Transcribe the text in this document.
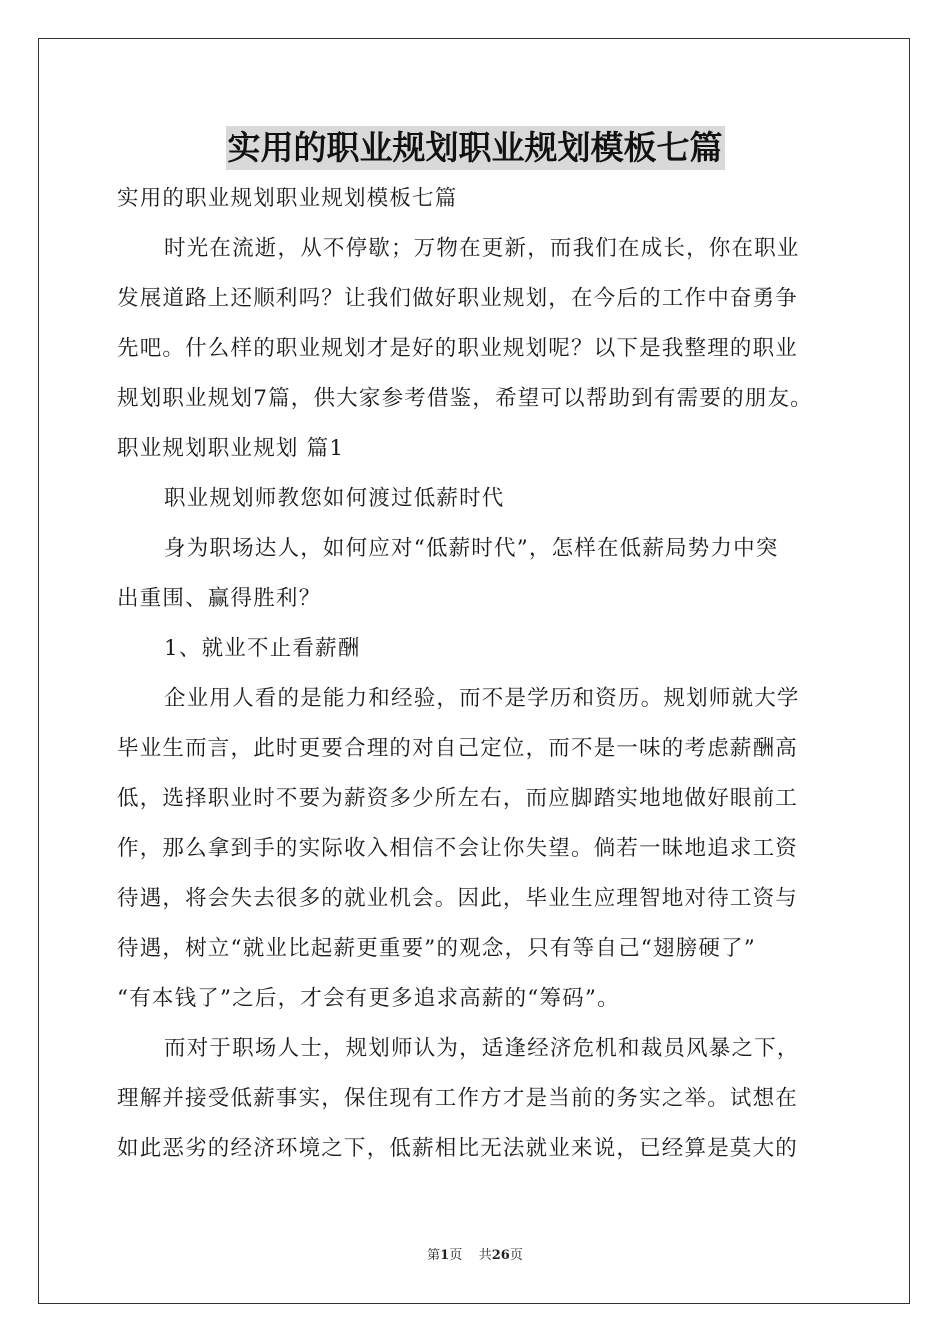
实用的职业规划职业规划模板七篇
实用的职业规划职业规划模板七篇
时光在流逝，从不停歇；万物在更新，而我们在成长，你在职业
发展道路上还顺利吗？让我们做好职业规划，在今后的工作中奋勇争
先吧。什么样的职业规划才是好的职业规划呢？以下是我整理的职业
规划职业规划7篇，供大家参考借鉴，希望可以帮助到有需要的朋友。
职业规划职业规划 篇1
职业规划师教您如何渡过低薪时代
身为职场达人，如何应对“低薪时代”，怎样在低薪局势力中突
出重围、赢得胜利？
1、就业不止看薪酬
企业用人看的是能力和经验，而不是学历和资历。规划师就大学
毕业生而言，此时更要合理的对自己定位，而不是一味的考虑薪酬高
低，选择职业时不要为薪资多少所左右，而应脚踏实地地做好眼前工
作，那么拿到手的实际收入相信不会让你失望。倘若一昧地追求工资
待遇，将会失去很多的就业机会。因此，毕业生应理智地对待工资与
待遇，树立“就业比起薪更重要”的观念，只有等自己“翅膀硬了”
“有本钱了”之后，才会有更多追求高薪的“筹码”。
而对于职场人士，规划师认为，适逢经济危机和裁员风暴之下，
理解并接受低薪事实，保住现有工作方才是当前的务实之举。试想在
如此恶劣的经济环境之下，低薪相比无法就业来说，已经算是莫大的
第1页 共26页
